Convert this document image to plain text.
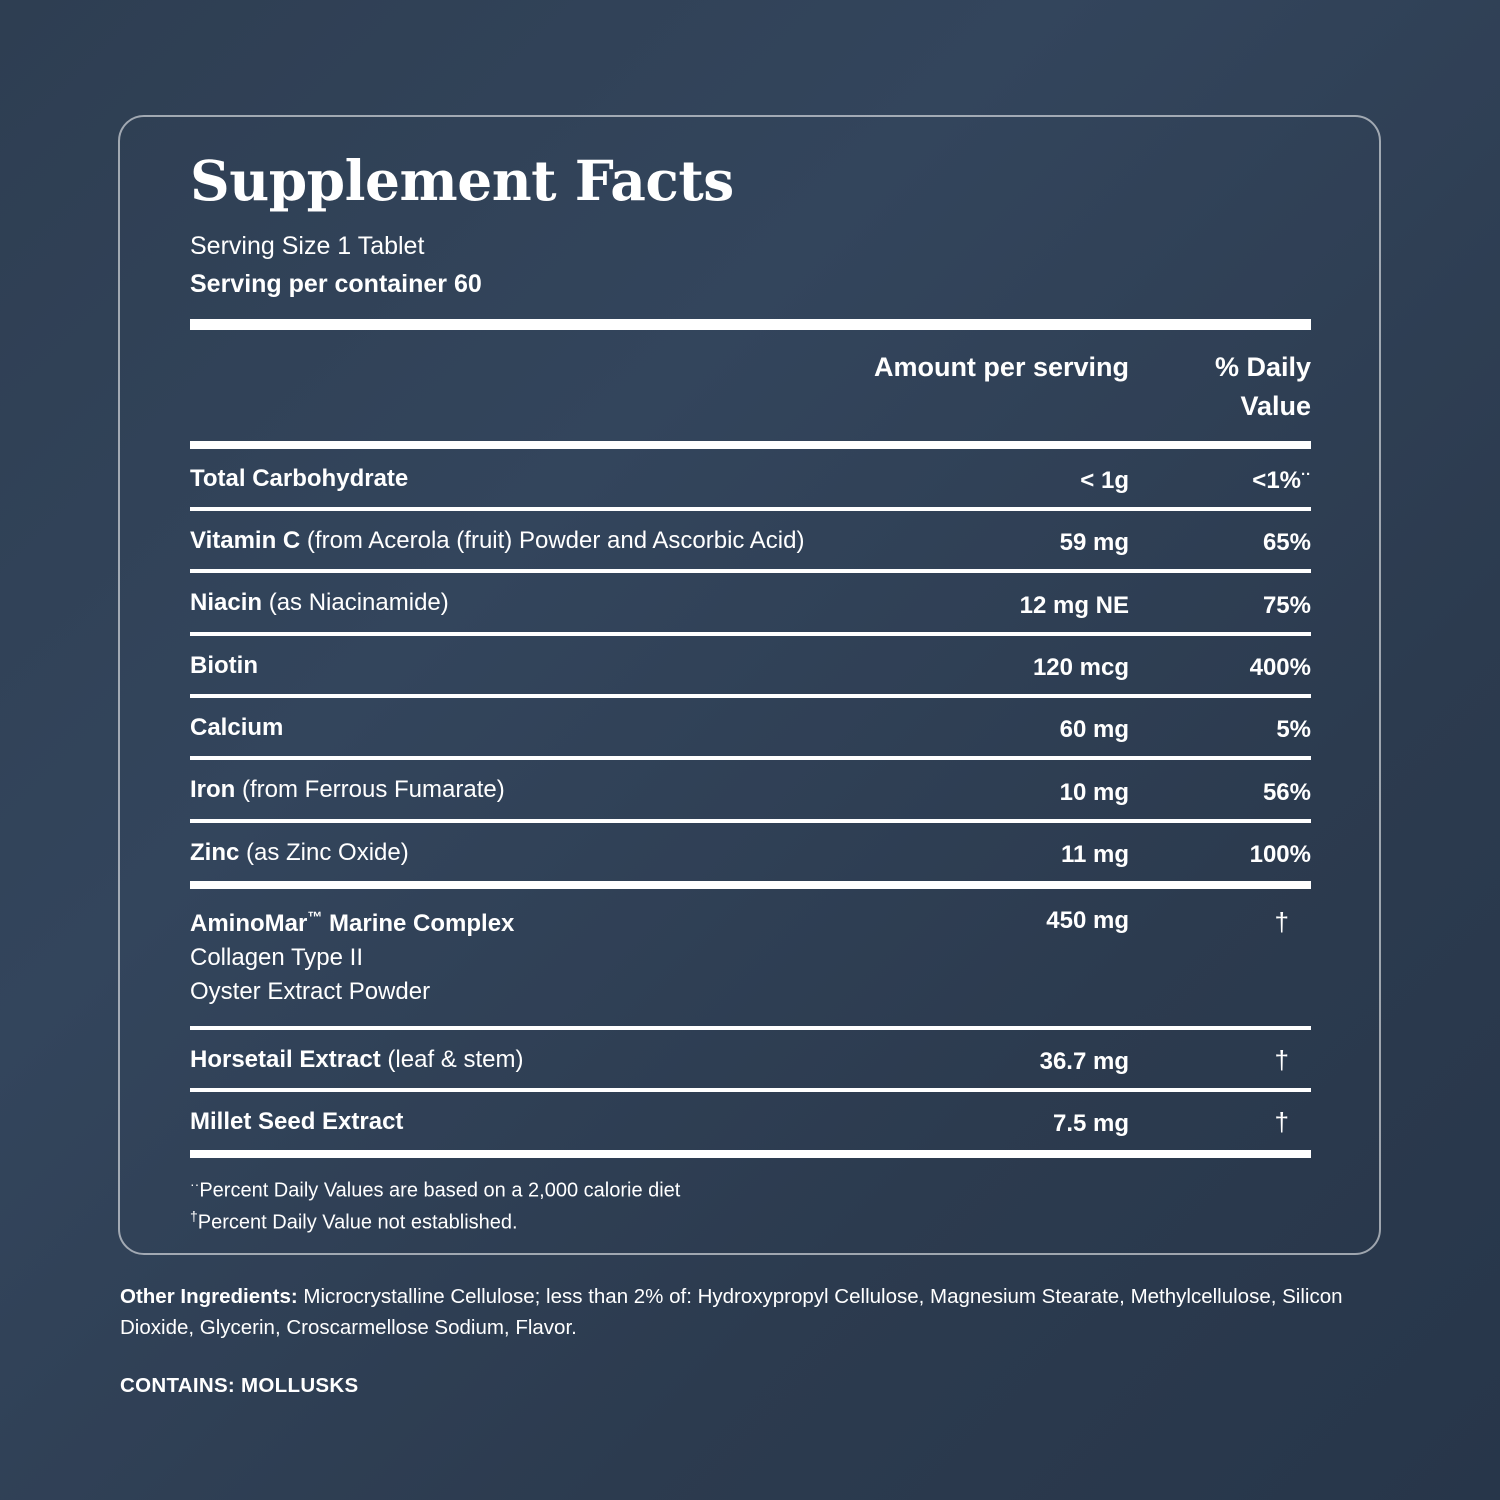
Supplement Facts
Serving Size 1 Tablet
Serving per container 60
Amount per serving	% Daily Value
Total Carbohydrate	< 1g	<1%··
Vitamin C (from Acerola (fruit) Powder and Ascorbic Acid)	59 mg	65%
Niacin (as Niacinamide)	12 mg NE	75%
Biotin	120 mcg	400%
Calcium	60 mg	5%
Iron (from Ferrous Fumarate)	10 mg	56%
Zinc (as Zinc Oxide)	11 mg	100%
AminoMar™ Marine Complex
Collagen Type II
Oyster Extract Powder
450 mg	†
Horsetail Extract (leaf & stem)	36.7 mg	†
Millet Seed Extract	7.5 mg	†
··Percent Daily Values are based on a 2,000 calorie diet
†Percent Daily Value not established.
Other Ingredients: Microcrystalline Cellulose; less than 2% of: Hydroxypropyl Cellulose, Magnesium Stearate, Methylcellulose, Silicon Dioxide, Glycerin, Croscarmellose Sodium, Flavor.
CONTAINS: MOLLUSKS
